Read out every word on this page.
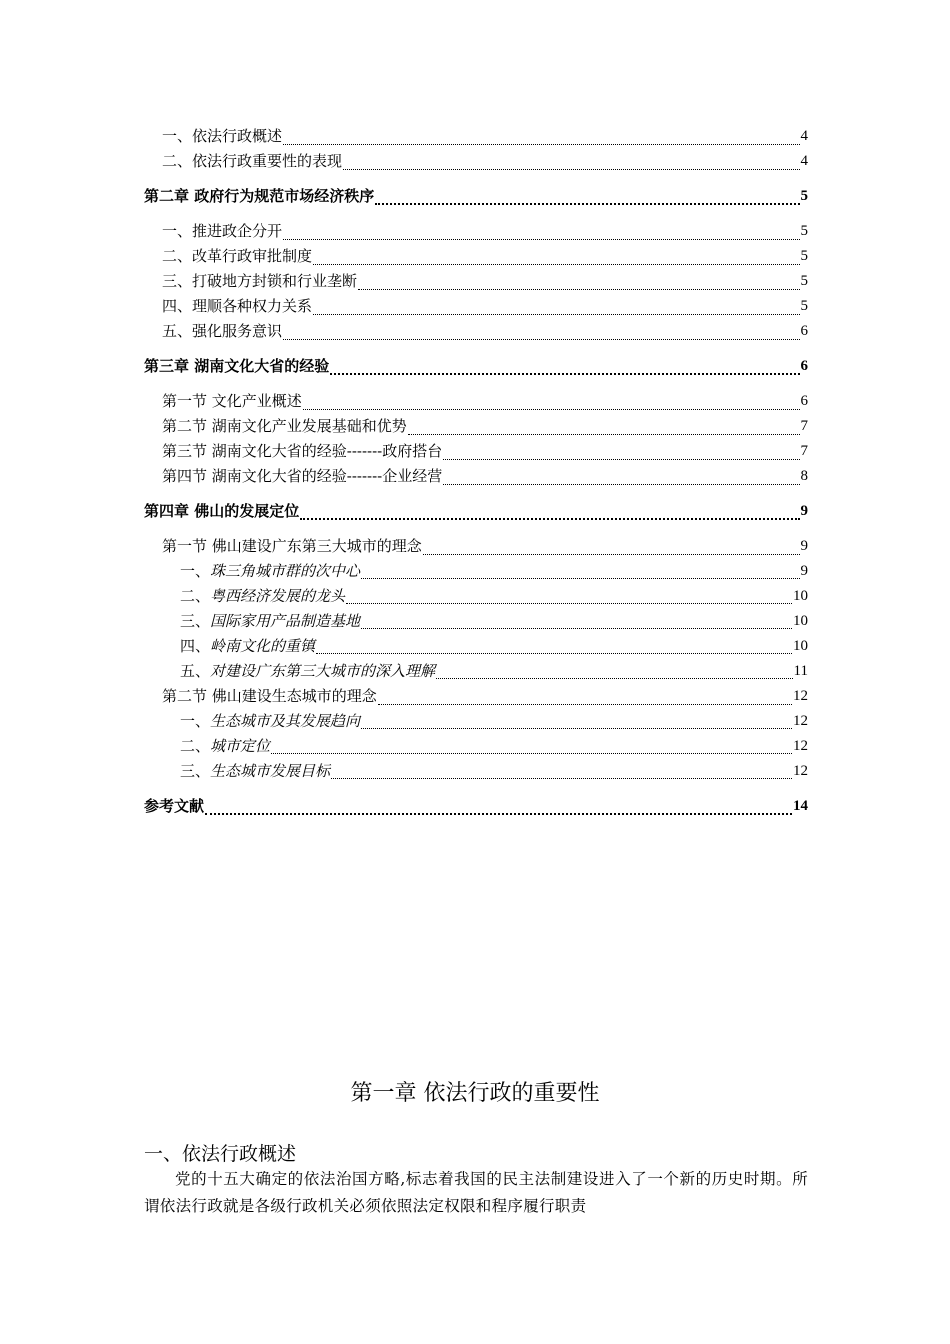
一、依法行政概述	4
二、依法行政重要性的表现	4
第二章 政府行为规范市场经济秩序	5
一、推进政企分开	5
二、改革行政审批制度	5
三、打破地方封锁和行业垄断	5
四、理顺各种权力关系	5
五、强化服务意识	6
第三章 湖南文化大省的经验	6
第一节 文化产业概述	6
第二节 湖南文化产业发展基础和优势	7
第三节 湖南文化大省的经验-------政府搭台	7
第四节 湖南文化大省的经验-------企业经营	8
第四章 佛山的发展定位	9
第一节 佛山建设广东第三大城市的理念	9
一、 珠三角城市群的次中心	9
二、 粤西经济发展的龙头	10
三、 国际家用产品制造基地	10
四、 岭南文化的重镇	10
五、 对建设广东第三大城市的深入理解	11
第二节 佛山建设生态城市的理念	12
一、 生态城市及其发展趋向	12
二、 城市定位	12
三、 生态城市发展目标	12
参考文献	14
第一章 依法行政的重要性
一、依法行政概述
党的十五大确定的依法治国方略,标志着我国的民主法制建设进入了一个新的历史时期。所谓依法行政就是各级行政机关必须依照法定权限和程序履行职责
